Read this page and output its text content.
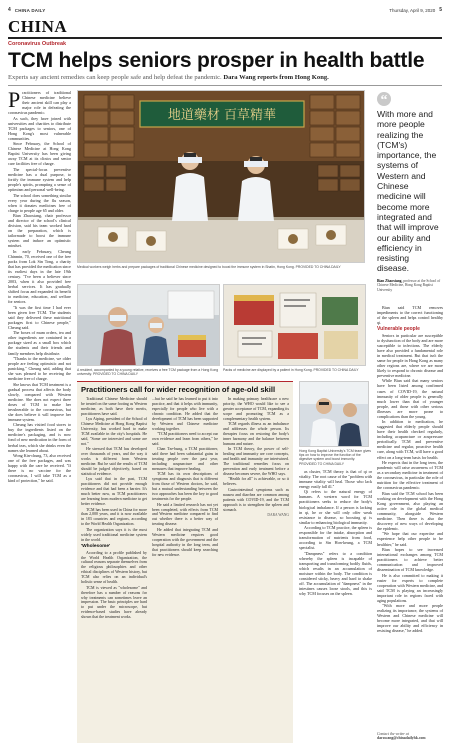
4 CHINA DAILY	Thursday, April 9, 2020 5
CHINA
Coronavirus Outbreak
TCM helps seniors prosper in health battle
Experts say ancient remedies can keep people safe and help defeat the pandemic. Dara Wang reports from Hong Kong.

Practitioners of traditional Chinese medicine believe their ancient skill can play a major role in defeating the coronavirus pandemic.

As such, they have joined with universities and charities to distribute TCM packages to seniors, one of Hong Kong's most vulnerable communities.

Since February, the School of Chinese Medicine at Hong Kong Baptist University has been giving away TCM at its clinics and senior care facilities free of charge.

The special-focus preventive medicine has a dual purpose, to fortify the immune system and help people's spirits, prompting a sense of optimism and personal well-being.

The school does something similar every year during the flu season, when it donates medicines free of charge to people age 65 and older.

Bian Zhaoxiang, chair professor and director of the school's clinical division, said his team worked hard on the preparation, which is tailormade to boost the immune system and induce an optimistic mindset.

In early February, Cheung Chinmin, 70, received one of the free packs from Lok Sin Tong, a charity that has provided the medication since its earliest days in the late 19th century. "I've been a believer since 2003, when it also provided free herbal services. It has gradually shifted focus and expanded its benefit to medicine, education, and welfare for seniors.

"It was the first time I had ever been given free TCM. The students said they delivered these nutritional packages first to Chinese people," Cheung said.

The boxes of mum orders, tea and other ingredients are contained in a package sized as a small box which the students and their friends and family members help distribute.

"Thanks to the medicine, we older people are feeling optimistic and not panicking," Cheung said, adding that she was pleased to be receiving the medicine free of charge.

She knows that TCM treatment is a gradual process that affects the body slowly, compared with Western medicine. She does not expect three doses of TCM to make her invulnerable to the coronavirus, but she does believe it will improve her immune system.

Cheung has visited food stores to buy the ingredients listed on the medicine's packaging, and is now fond of new medication in the form of herbal teas, which she drinks even the names she learned about.

Wong Kin-chung, 73, also received one of the free packages, and was happy with the care he received. "If there is no vaccine for the coronavirus, I will take TCM as a kind of protection," he said.

地道藥材 百草精華
Medical workers weigh herbs and prepare packages of traditional Chinese medicine designed to boost the immune system in Shatin, Hong Kong. PROVIDED TO CHINA DAILY
“
With more and more people realizing the (TCM's) importance, the systems of Western and Chinese medicine will become more integrated and that will improve our ability and efficiency in resisting disease.
Bian Zhaoxiang, professor at the School of Chinese Medicine, Hong Kong Baptist University

Bian said TCM removes impediments to the correct functioning of the spleen and helps control healthy qi.

Vulnerable people

Seniors in particular are susceptible to dysfunction of the body and are more susceptible to infections. The elderly have also provided a fundamental role in medical treatment. But that isn't the same for people in Hong Kong as many other regions are, where we are more likely to respond to chronic disease and preventive medicine.

While Bian said that many seniors have been listed among confirmed cases of COVID-19, the natural immunity of older people is generally much lower than that of younger people, and those with other serious illnesses are more prone to complications than the young.

In addition to medication, he suggested that elderly people should have their health checked regularly, including acupuncture or acupressure periodically. TCM and preventive medicine and regular, proactive health care, along with TCM, will have a good effect on a long-term basis for health.

He expects that in the long term, the pandemic will raise awareness of TCM as a secondary medicine in treatment of the coronavirus, in particular the role of nutrition for the effective treatment of the coronavirus pandemic.

Bian said the TCM school has been working on development with the Hong Kong government, also playing an active role in the global medical community, alongside Western medicine. Then there is also the discovery of new ways of developing the epidemic.

"We hope that our expertise and experience help other people to be healthier," he said.

Bian hopes to see increased international exchanges among TCM practitioners to achieve better communication and improved dissemination of TCM knowledge.

He is also committed to making it easier for experts to complete cooperation with Western medicine, and said TCM is playing an increasingly important role in regions faced with aging populations.

"With more and more people realizing its importance, the systems of Western and Chinese medicine will become more integrated, and that will improve our ability and efficiency in resisting disease," he added.

A resident, accompanied by a young relative, receives a free TCM package from a Hong Kong university. PROVIDED TO CHINA DAILY
Packs of medicine are displayed by a patient in Hong Kong. PROVIDED TO CHINA DAILY
Practitioners call for wider recognition of age-old skill

Traditional Chinese Medicine should be treated on the same footing as Western medicine, as both have their merits, practitioners have said.

Lyu Aiping, president of the School of Chinese Medicine at Hong Kong Baptist University, has worked hard to make TCM available in the city's hospitals. He said, "Some are interested and some are not."

He stressed that TCM has developed over thousands of years, and the way it works is different from Western medicine. But he said the results of TCM should be judged objectively, based on statistical evidence.

Lyu said that in the past, TCM practitioners did not provide enough evidence and that had been a barrier. It's much better now, as TCM practitioners are learning from modern medicine to get better evidence.

TCM has been used in China for more than 2,000 years, and it is now available in 183 countries and regions, according to the World Health Organization.

The organization says it is the most widely used traditional medicine system in the world.

'Wholesome'

According to a profile published by the World Health Organization, the cultural reasons separate themselves from the religious philosophies and other ethical disciplines of Western history, but TCM also relies on an individual's holistic sense of health.

TCM is viewed as "wholesome" and therefore has a number of reasons for why treatments can sometimes leave an impression. The basic principles are hard to put under the microscope, but evidence-based studies have already shown that the treatment works.

...but he said he has learned to put it into practice, and that it helps with immunity, especially for people who live with a chronic condition. He added that the development of TCM has been supported by Western and Chinese medicine working together.

"TCM practitioners need to accept our own evidence and learn from others," he said.

Chan Tze-hung, a TCM practitioner, said there had been substantial gains in treating people over the past year, including acupuncture and other measures that improve healing.

TCM has its own descriptions of symptoms and diagnosis that is different from those of Western doctors, he said, but a mutual understanding between the two approaches has been the key to good treatments for the people.

He said a limited research has not yet been completed, with effects from TCM and Western medicine compared to find out whether there is a better way of treating disease.

He added that integrating TCM and Western medicine requires good cooperation with the government and the hospital authority in the long term, and that practitioners should keep searching for new evidence.

In making primary healthcare a new priority, the WHO would like to see a greater acceptance of TCM, expanding its scope and promoting TCM as a complementary health system.

TCM regards illness as an imbalance and addresses the whole person. Its therapies focus on restoring the body's inner harmony and the balance between humans and nature.

In TCM theory, the power of self-healing and immunity are core concepts, and health and immunity are intertwined. The traditional remedies focus on prevention and early treatment before a disease becomes severe, the WHO says.

"Health for all" is achievable, or so it believes.

Gastrointestinal symptoms such as nausea and diarrhea are common among patients with COVID-19, and the TCM approach is to strengthen the spleen and stomach.

DARA WANG

Hong Kong Baptist University's TCM team gives tips on how to improve the function of the digestive system and boost immunity. PROVIDED TO CHINA DAILY

as cluster, TCM theory is that of qi or vitality. The root cause of the "problem with immune vitality will heal. Those who lack energy easily fall ill."

Qi refers to the natural energy of humans. A western word for TCM practitioners seeks to reduce the body's biological imbalance. If a person is lacking in qi, he or she will only offer weak resistance to disease, so boosting qi is similar to enhancing biological immunity.

According to TCM practice, the spleen is responsible for the intake, absorption and transformation of nutrients from food, according to Sin Hon-keung, a TCM specialist.

"Dampness" refers to a condition whereby the spleen is incapable of transporting and transforming bodily fluids, which results in an accumulation of moisture within the body. The condition is considered sticky, heavy and hard to shake off. The accumulation of "dampness" in the intestines causes loose stools, and this is why TCM focuses on the spleen.

Contact the writer at darawang@chinadailyhk.com
